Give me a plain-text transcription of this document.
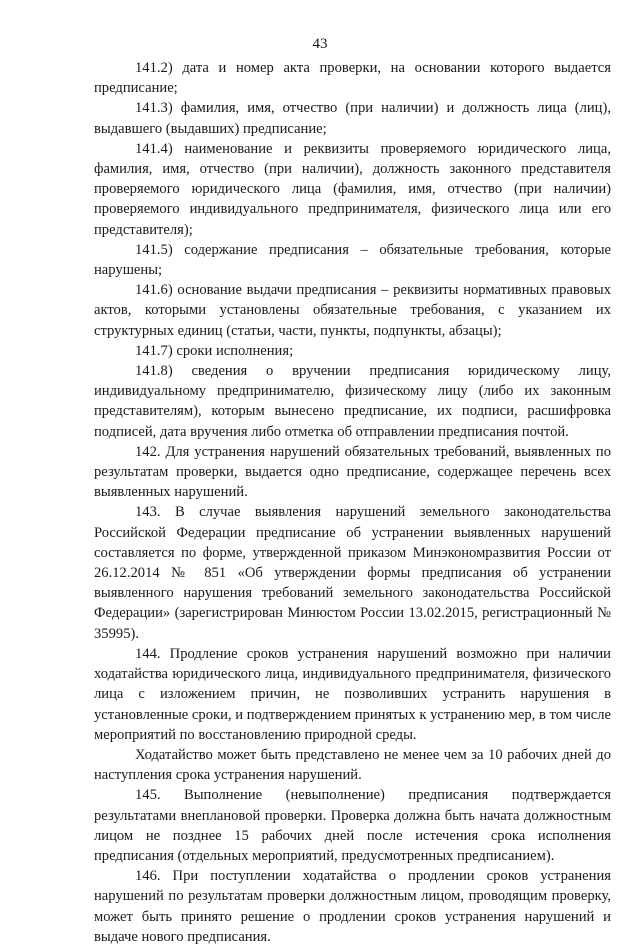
43

141.2) дата и номер акта проверки, на основании которого выдается предписание;

141.3) фамилия, имя, отчество (при наличии) и должность лица (лиц), выдавшего (выдавших) предписание;

141.4) наименование и реквизиты проверяемого юридического лица, фамилия, имя, отчество (при наличии), должность законного представителя проверяемого юридического лица (фамилия, имя, отчество (при наличии) проверяемого индивидуального предпринимателя, физического лица или его представителя);

141.5) содержание предписания – обязательные требования, которые нарушены;

141.6) основание выдачи предписания – реквизиты нормативных правовых актов, которыми установлены обязательные требования, с указанием их структурных единиц (статьи, части, пункты, подпункты, абзацы);

141.7) сроки исполнения;

141.8) сведения о вручении предписания юридическому лицу, индивидуальному предпринимателю, физическому лицу (либо их законным представителям), которым вынесено предписание, их подписи, расшифровка подписей, дата вручения либо отметка об отправлении предписания почтой.

142. Для устранения нарушений обязательных требований, выявленных по результатам проверки, выдается одно предписание, содержащее перечень всех выявленных нарушений.

143. В случае выявления нарушений земельного законодательства Российской Федерации предписание об устранении выявленных нарушений составляется по форме, утвержденной приказом Минэкономразвития России от 26.12.2014 № 851 «Об утверждении формы предписания об устранении выявленного нарушения требований земельного законодательства Российской Федерации» (зарегистрирован Минюстом России 13.02.2015, регистрационный № 35995).

144. Продление сроков устранения нарушений возможно при наличии ходатайства юридического лица, индивидуального предпринимателя, физического лица с изложением причин, не позволивших устранить нарушения в установленные сроки, и подтверждением принятых к устранению мер, в том числе мероприятий по восстановлению природной среды.

Ходатайство может быть представлено не менее чем за 10 рабочих дней до наступления срока устранения нарушений.

145. Выполнение (невыполнение) предписания подтверждается результатами внеплановой проверки. Проверка должна быть начата должностным лицом не позднее 15 рабочих дней после истечения срока исполнения предписания (отдельных мероприятий, предусмотренных предписанием).

146. При поступлении ходатайства о продлении сроков устранения нарушений по результатам проверки должностным лицом, проводящим проверку, может быть принято решение о продлении сроков устранения нарушений и выдаче нового предписания.
